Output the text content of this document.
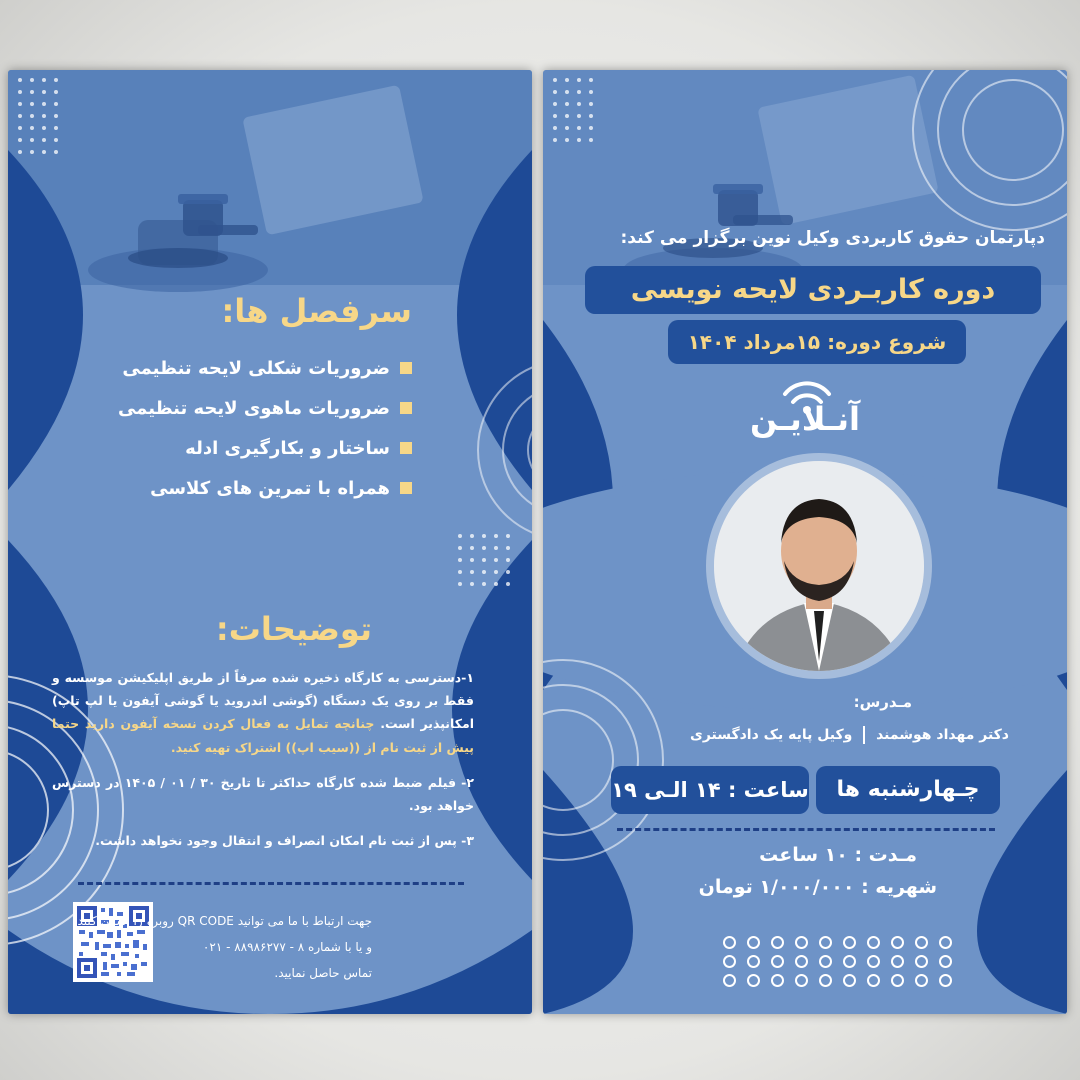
سرفصل ها:
ضروریات شکلی لایحه تنظیمی
ضروریات ماهوی لایحه تنظیمی
ساختار و بکارگیری ادله
همراه با تمرین های کلاسی
توضیحات:

۱-دسترسی به کارگاه ذخیره شده صرفاً از طریق اپلیکیشن موسسه و فقط بر روی یک دستگاه (گوشی اندروید یا گوشی آیفون یا لپ تاپ) امکانپذیر است. چنانچه تمایل به فعال کردن نسخه آیفون دارید حتما پیش از ثبت نام از ((سیب اپ)) اشتراک تهیه کنید.

۲- فیلم ضبط شده کارگاه حداکثر تا تاریخ ۳۰ / ۰۱ / ۱۴۰۵ در دسترس خواهد بود.

۳- پس از ثبت نام امکان انصراف و انتقال وجود نخواهد داشت.

جهت ارتباط با ما می توانید QR CODE روبرو را اسکن کنید
و یا با شماره ۸ - ۸۸۹۸۶۲۷۷ - ۰۲۱
تماس حاصل نمایید.
دپارتمان حقوق کاربردی وکیل نوین برگزار می کند:
دوره کاربـردی لایحه نویسی
شروع دوره: ۱۵مرداد ۱۴۰۴
آنـلایـن
مـدرس:
دکتر مهداد هوشمند  وکیل پایه یک دادگستری
چـهارشنبه ها
ساعت : ۱۴ الـی ۱۹
مـدت : ۱۰ ساعت
شهریه : ۱/۰۰۰/۰۰۰ تومان
